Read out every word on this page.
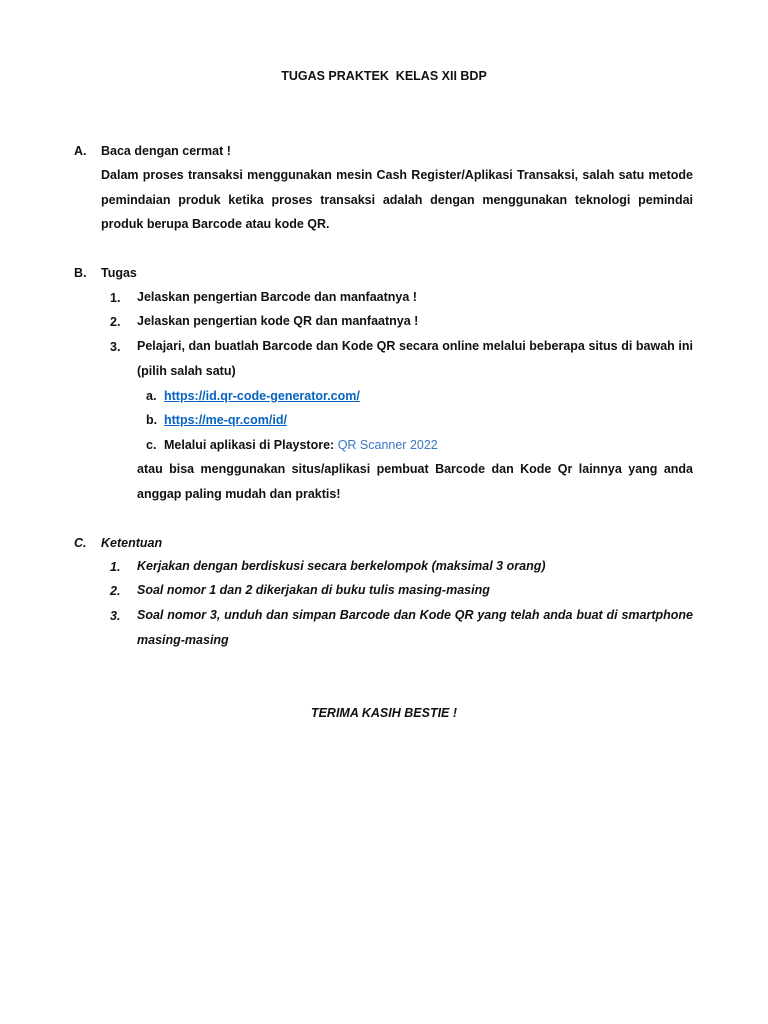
TUGAS PRAKTEK  KELAS XII BDP
A. Baca dengan cermat !
Dalam proses transaksi menggunakan mesin Cash Register/Aplikasi Transaksi, salah satu metode pemindaian produk ketika proses transaksi adalah dengan menggunakan teknologi pemindai produk berupa Barcode atau kode QR.
B. Tugas
1. Jelaskan pengertian Barcode dan manfaatnya !
2. Jelaskan pengertian kode QR dan manfaatnya !
3. Pelajari, dan buatlah Barcode dan Kode QR secara online melalui beberapa situs di bawah ini (pilih salah satu)
a. https://id.qr-code-generator.com/
b. https://me-qr.com/id/
c. Melalui aplikasi di Playstore: QR Scanner 2022
atau bisa menggunakan situs/aplikasi pembuat Barcode dan Kode Qr lainnya yang anda anggap paling mudah dan praktis!
C. Ketentuan
1. Kerjakan dengan berdiskusi secara berkelompok (maksimal 3 orang)
2. Soal nomor 1 dan 2 dikerjakan di buku tulis masing-masing
3. Soal nomor 3, unduh dan simpan Barcode dan Kode QR yang telah anda buat di smartphone masing-masing
TERIMA KASIH BESTIE !
